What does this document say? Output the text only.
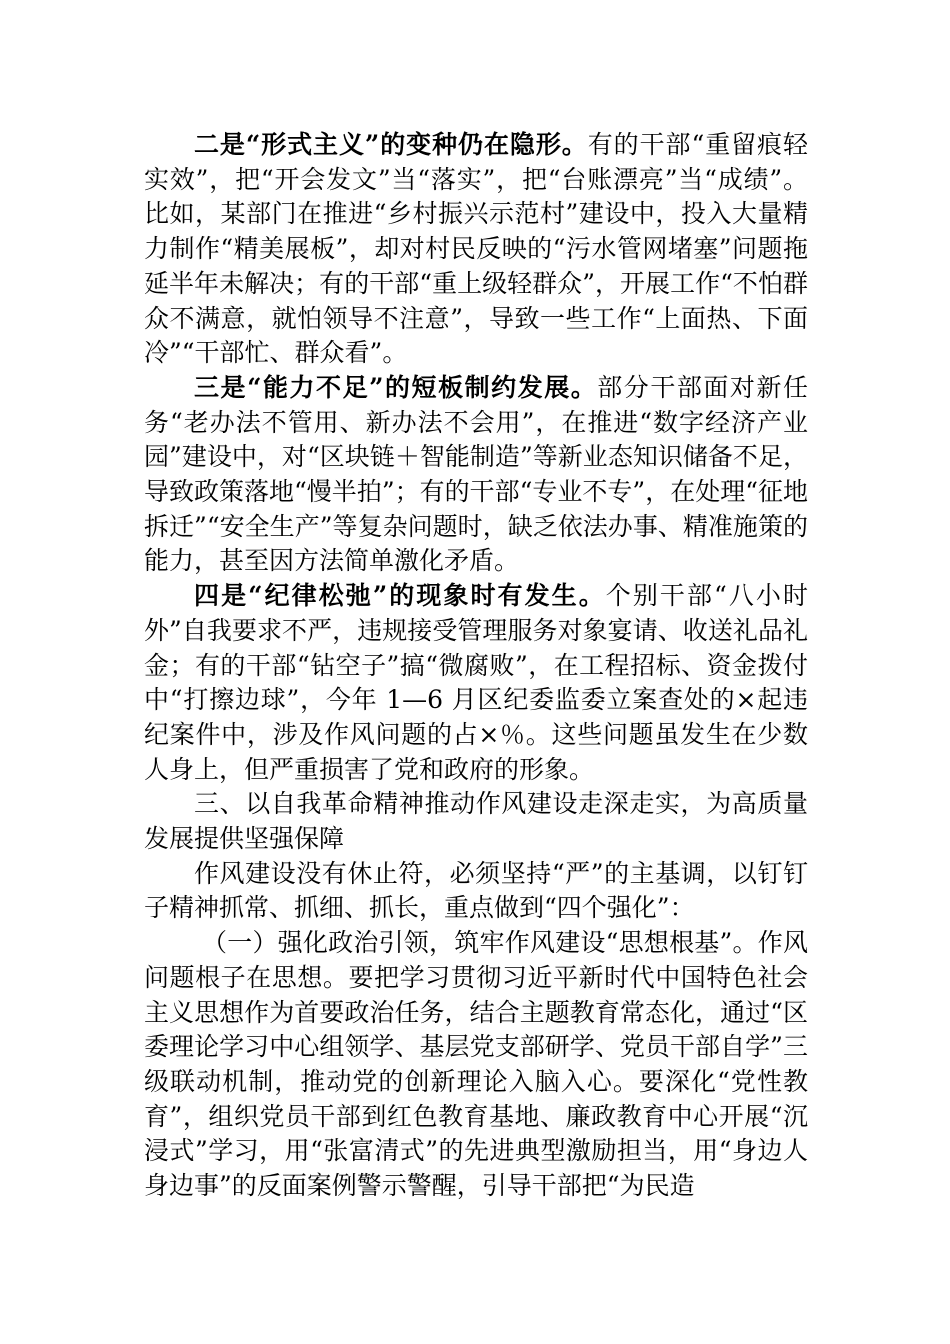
二是“形式主义”的变种仍在隐形。有的干部“重留痕轻实效”，把“开会发文”当“落实”，把“台账漂亮”当“成绩”。比如，某部门在推进“乡村振兴示范村”建设中，投入大量精力制作“精美展板”，却对村民反映的“污水管网堵塞”问题拖延半年未解决；有的干部“重上级轻群众”，开展工作“不怕群众不满意，就怕领导不注意”，导致一些工作“上面热、下面冷”“干部忙、群众看”。

三是“能力不足”的短板制约发展。部分干部面对新任务“老办法不管用、新办法不会用”，在推进“数字经济产业园”建设中，对“区块链＋智能制造”等新业态知识储备不足，导致政策落地“慢半拍”；有的干部“专业不专”，在处理“征地拆迁”“安全生产”等复杂问题时，缺乏依法办事、精准施策的能力，甚至因方法简单激化矛盾。

四是“纪律松弛”的现象时有发生。个别干部“八小时外”自我要求不严，违规接受管理服务对象宴请、收送礼品礼金；有的干部“钻空子”搞“微腐败”，在工程招标、资金拨付中“打擦边球”，今年 1—6 月区纪委监委立案查处的×起违纪案件中，涉及作风问题的占×％。这些问题虽发生在少数人身上，但严重损害了党和政府的形象。

三、以自我革命精神推动作风建设走深走实，为高质量发展提供坚强保障

作风建设没有休止符，必须坚持“严”的主基调，以钉钉子精神抓常、抓细、抓长，重点做到“四个强化”：

（一）强化政治引领，筑牢作风建设“思想根基”。作风问题根子在思想。要把学习贯彻习近平新时代中国特色社会主义思想作为首要政治任务，结合主题教育常态化，通过“区委理论学习中心组领学、基层党支部研学、党员干部自学”三级联动机制，推动党的创新理论入脑入心。要深化“党性教育”，组织党员干部到红色教育基地、廉政教育中心开展“沉浸式”学习，用“张富清式”的先进典型激励担当，用“身边人身边事”的反面案例警示警醒，引导干部把“为民造
